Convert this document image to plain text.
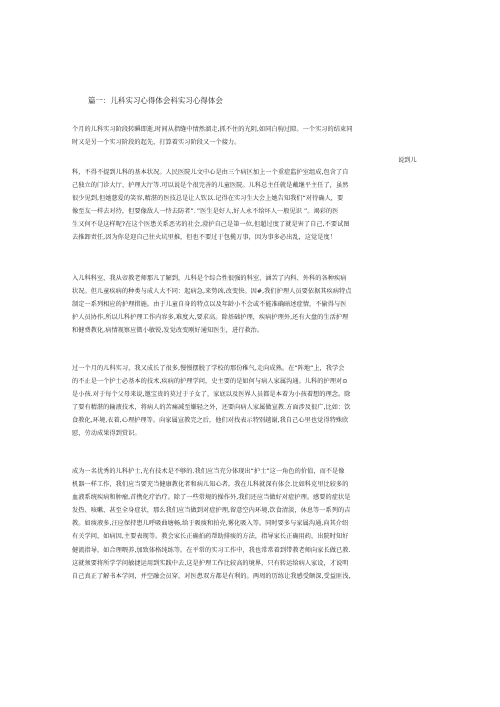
篇一：儿科实习心得体会科实习心得体会
个月的儿科实习阶段转瞬即逝,时间从指缝中情然溜走,抓不住的光阴,如同白驹过隙。一个实习的结束同
时又是另一个实习阶段的起先，打算着实习阶段又一个接力。
说到儿
科，不得不提到儿科的基本状况。人民医院儿文中心是由三个病区加上一个重症监护室组成,包含了自
己独立的门诊大厅、护理大厅等.可以说是个很完善的儿童医院。儿科总主任就是戴继平主任了，虽然
很少见到,但她慈爱的笑容,精湛的医技总是让人钦以.记得在实习生大会上她告知我们“对待确人，要
像至友一样去对待，但要像敌人一恃去防者”．”医生是好人,好人永不给坏人一般见识 ”。竭彩的医
生又何不是这样呢?在这个医患关系恶劣的社会,澄护自己是第一位,但超过度了就是害了自己,不要试图
去推卸责任,因为你是迎自己往火坑里推，但也不要过于包揽万事，因为事多必出乱，这觉是度！
入儿科科室，我从帝教老师那儿了解到，儿科是个综合性很强的科室，涵苦了内科、外科的各种疾病
状况。但儿童疾病的种类与成人大不同：起病急,来势凶,改变快。因#,我们护理人员要依据其疾病特点
制定一系列相应的护理措施。由于儿童自身的特点以及年龄小不会或不能准确暗述症情，不偷得与医
护人员协作,所以儿科护理工作内容多,难度大,要求高。除基础护理，疾病护理外,还有大盘的生活护理
和健费教化,病情视察应微小敏锐,发觉改变刚好通知医生，进行救治。
过一个月的儿科实习，我又成长了很多,慢慢摆脱了学校的那份稚气,走向成熟。在“阵地“上，我学会
的不止是一个护士必基本的技术,疾病的护理学问，史主要的是如何与病人家属沟通。儿科的护理对⊙
是小孩.对于每个父母来说,邀宝贵的莫过于子女了，家底以及医界人员都是本着为小孩着想的理念。除
了要有精湛的输液技术，将病人的苦痛减至嫌轻之外，还要向病人家属做宣教.方面涉及很广,比如：饮
食教化,环境,衣着,心理护理等。向家属宣教完之后，他们对找表示特别越谢,我自己心里也觉得特殊欣
慰，劳动成果得到赏识。
成为一名优秀的儿科护士,光有技术是不够的.我们应当充分体现出“护士”这一角色的价值，而不是像
机器一样工作，我们应当要充当健康教化者和病儿知心者。我在儿科就深有体会.比如科克里比较多的
血液系统疾病和肿瘤,首携化疗治疗。除了一些常规的操作外,我们还应当做好对症护理。感要的症状是
发热、咳嗽、甚至全身症状，那么我们应当做到对症护理,留意空内环境,饮食清淡，休息等一系列的吉
教。如痰液多,汪应保持患儿呼吸曲塘畅,给于吸痰和拍壳,雾化吸入等。同时要多与家属沟通,向其介绍
有关学问，如病因,主要表现等。教会家长正确拍药帮助排痰的方法，指导家长正确用药，出院时知好
健流指导，如合理喂养,加致体格纯练等。在平常的实习工作中，我也常常着到带教老师向家长做已教.
这就须要将所学学问敏捷运用到实践中去,这是护理工作比较高的境界，只有转运给病人家设，才说明
自己真正了解书本学问，并空融会员穿，对医患双方都是有利的。两周的历练让我感受颇深,受益匪浅,
